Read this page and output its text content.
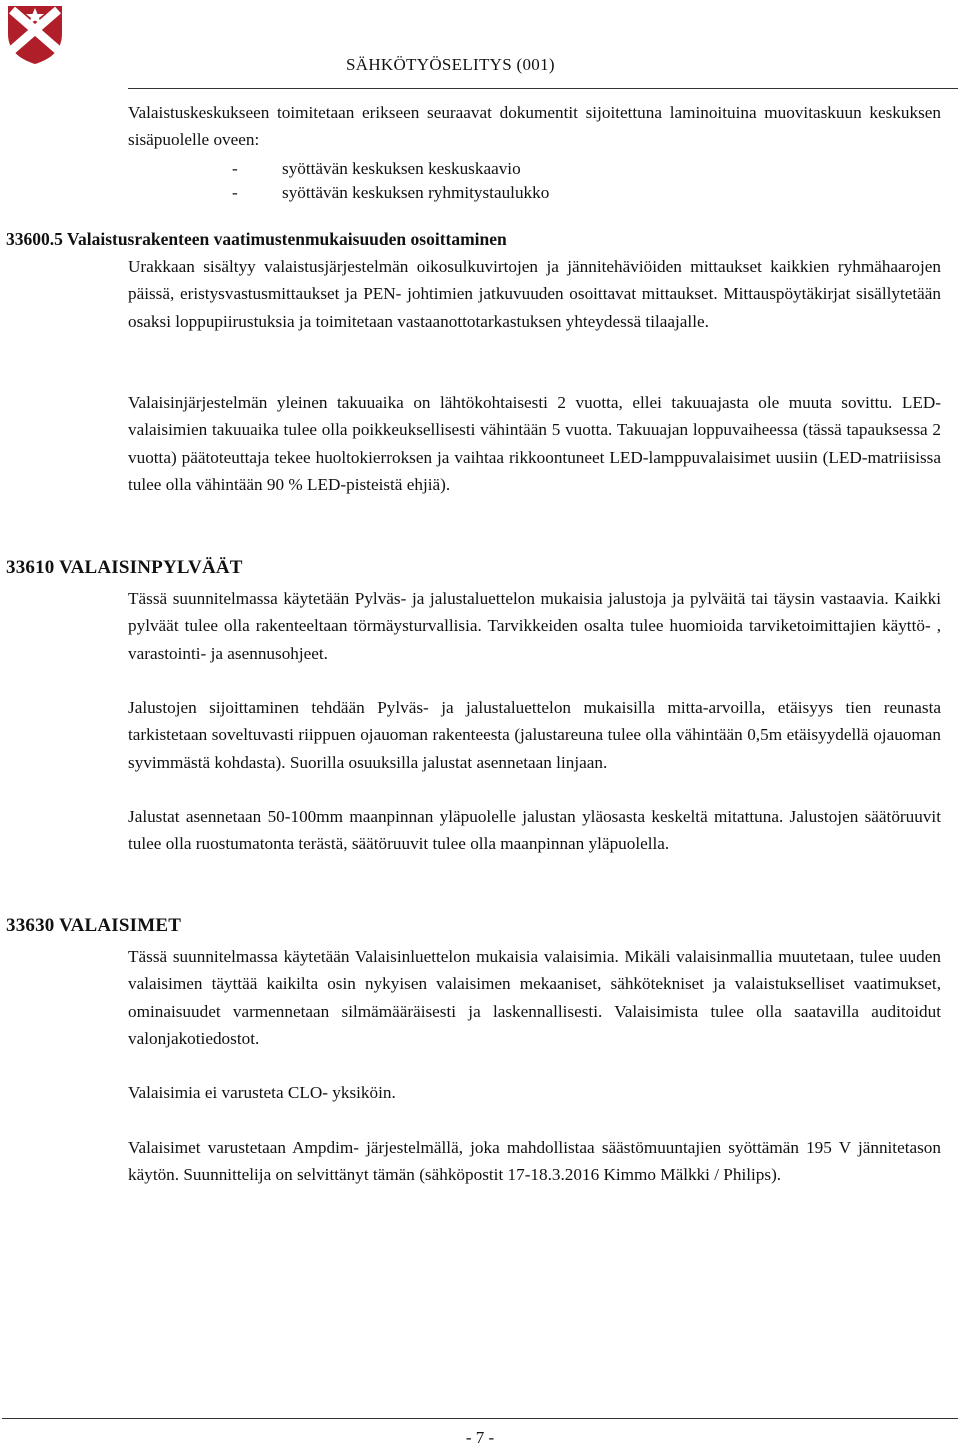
SÄHKÖTYÖSELITYS (001)

Valaistuskeskukseen toimitetaan erikseen seuraavat dokumentit sijoitettuna laminoituina muovitaskuun keskuksen sisäpuolelle oveen:

-	syöttävän keskuksen keskuskaavio
-	syöttävän keskuksen ryhmitystaulukko
33600.5 Valaistusrakenteen vaatimustenmukaisuuden osoittaminen

Urakkaan sisältyy valaistusjärjestelmän oikosulkuvirtojen ja jännitehäviöiden mittaukset kaikkien ryhmähaarojen päissä, eristysvastusmittaukset ja PEN- johtimien jatkuvuuden osoittavat mittaukset. Mittauspöytäkirjat sisällytetään osaksi loppupiirustuksia ja toimitetaan vastaanottotarkastuksen yhteydessä tilaajalle.

Valaisinjärjestelmän yleinen takuuaika on lähtökohtaisesti 2 vuotta, ellei takuuajasta ole muuta sovittu. LED-valaisimien takuuaika tulee olla poikkeuksellisesti vähintään 5 vuotta. Takuuajan loppuvaiheessa (tässä tapauksessa 2 vuotta) päätoteuttaja tekee huoltokierroksen ja vaihtaa rikkoontuneet LED-lamppuvalaisimet uusiin (LED-matriisissa tulee olla vähintään 90 % LED-pisteistä ehjiä).

33610 VALAISINPYLVÄÄT

Tässä suunnitelmassa käytetään Pylväs- ja jalustaluettelon mukaisia jalustoja ja pylväitä tai täysin vastaavia. Kaikki pylväät tulee olla rakenteeltaan törmäysturvallisia. Tarvikkeiden osalta tulee huomioida tarviketoimittajien käyttö- , varastointi- ja asennusohjeet.

Jalustojen sijoittaminen tehdään Pylväs- ja jalustaluettelon mukaisilla mitta-arvoilla, etäisyys tien reunasta tarkistetaan soveltuvasti riippuen ojauoman rakenteesta (jalustareuna tulee olla vähintään 0,5m etäisyydellä ojauoman syvimmästä kohdasta). Suorilla osuuksilla jalustat asennetaan linjaan.

Jalustat asennetaan 50-100mm maanpinnan yläpuolelle jalustan yläosasta keskeltä mitattuna. Jalustojen säätöruuvit tulee olla ruostumatonta terästä, säätöruuvit tulee olla maanpinnan yläpuolella.

33630 VALAISIMET

Tässä suunnitelmassa käytetään Valaisinluettelon mukaisia valaisimia. Mikäli valaisinmallia muutetaan, tulee uuden valaisimen täyttää kaikilta osin nykyisen valaisimen mekaaniset, sähkötekniset ja valaistukselliset vaatimukset, ominaisuudet varmennetaan silmämääräisesti ja laskennallisesti. Valaisimista tulee olla saatavilla auditoidut valonjakotiedostot.

Valaisimia ei varusteta CLO- yksiköin.

Valaisimet varustetaan Ampdim- järjestelmällä, joka mahdollistaa säästömuuntajien syöttämän 195 V jännitetason käytön. Suunnittelija on selvittänyt tämän (sähköpostit 17-18.3.2016 Kimmo Mälkki / Philips).

- 7 -
